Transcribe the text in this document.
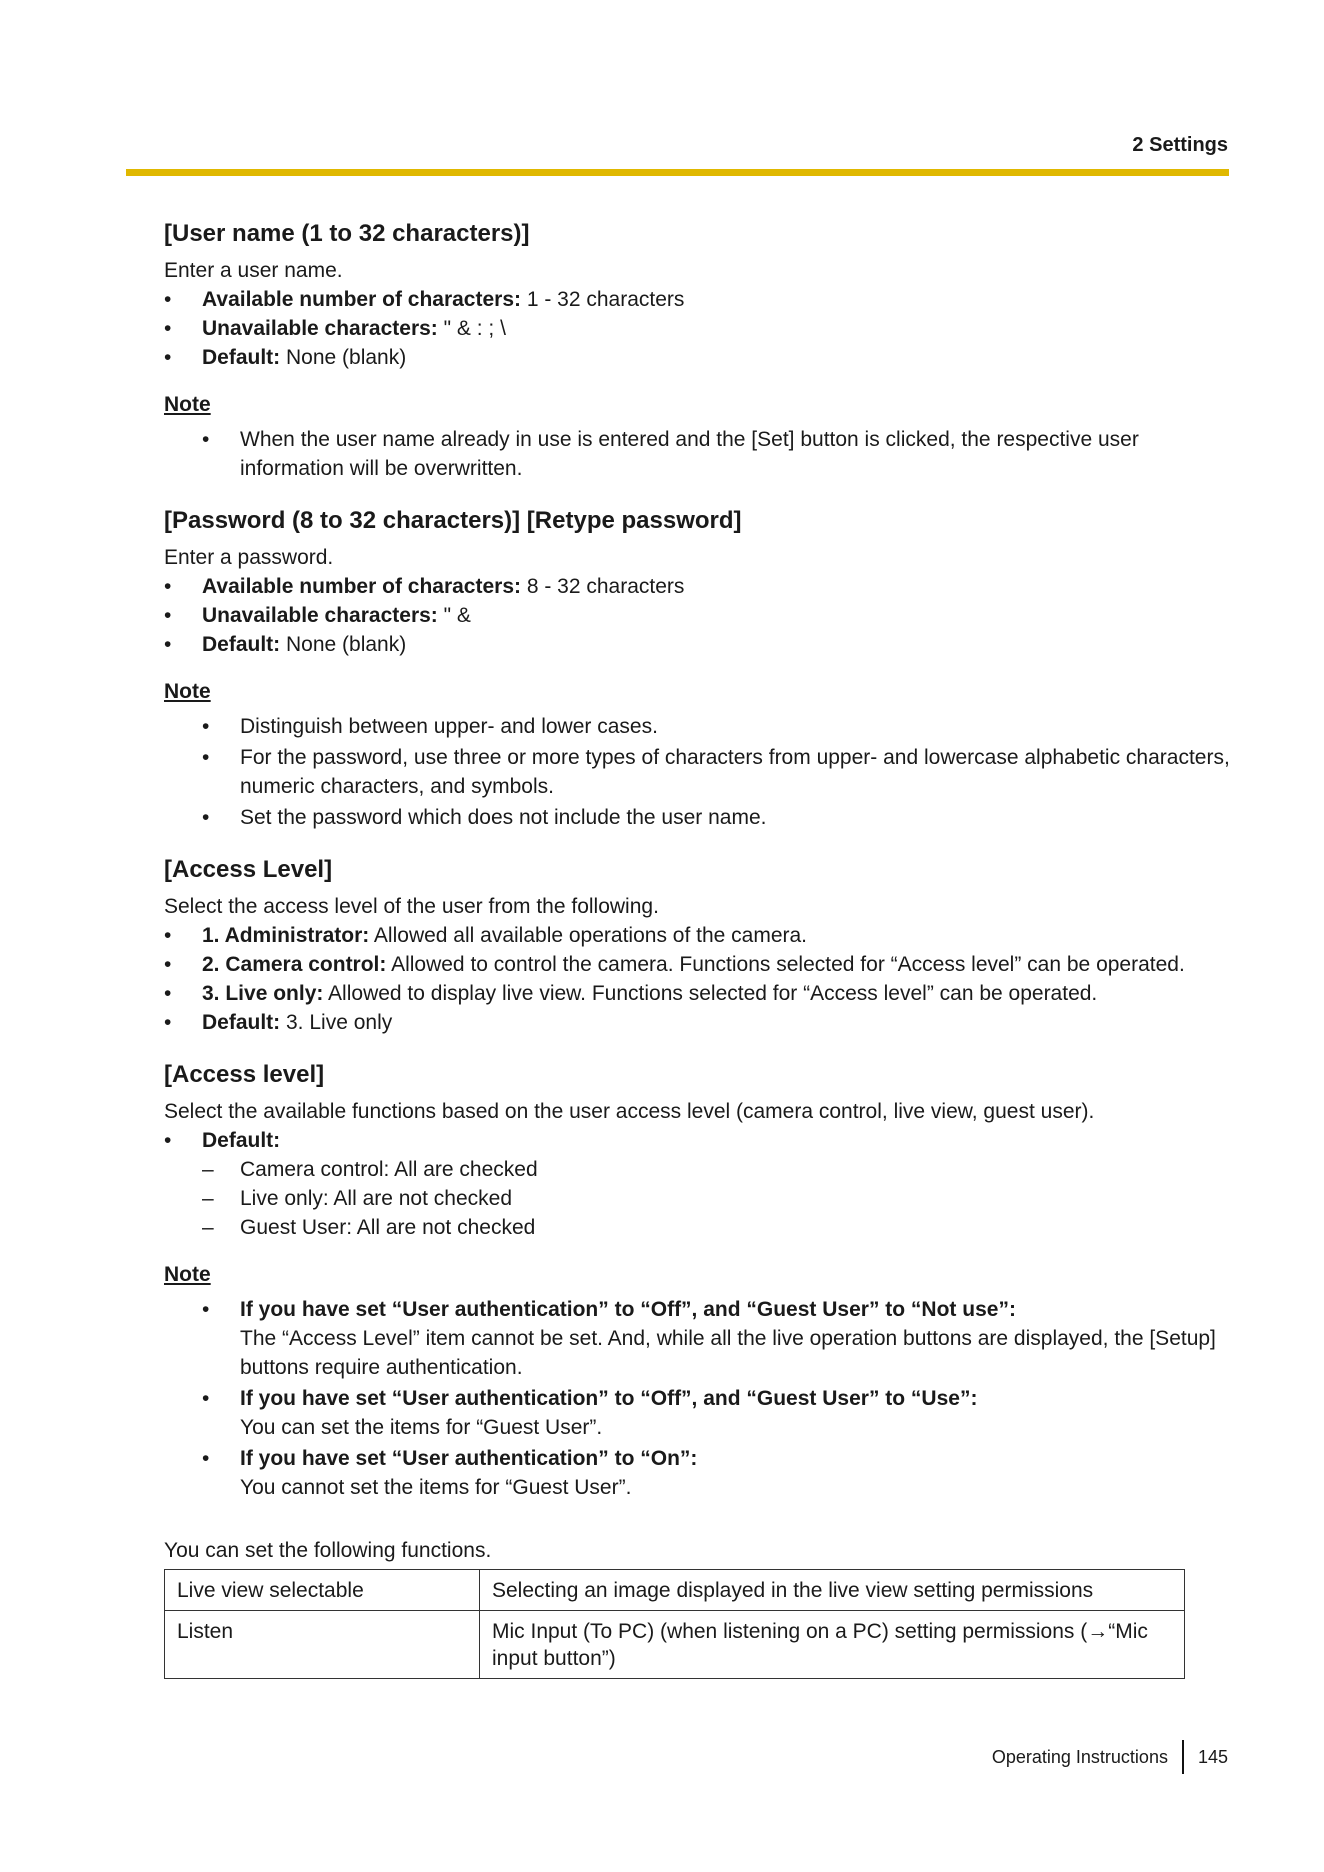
2 Settings
[User name (1 to 32 characters)]

Enter a user name.

• Available number of characters: 1 - 32 characters
• Unavailable characters: " & : ; \
• Default: None (blank)
Note
• When the user name already in use is entered and the [Set] button is clicked, the respective user information will be overwritten.
[Password (8 to 32 characters)] [Retype password]

Enter a password.

• Available number of characters: 8 - 32 characters
• Unavailable characters: " &
• Default: None (blank)
Note
• Distinguish between upper- and lower cases.
• For the password, use three or more types of characters from upper- and lowercase alphabetic characters, numeric characters, and symbols.
• Set the password which does not include the user name.
[Access Level]

Select the access level of the user from the following.

• 1. Administrator: Allowed all available operations of the camera.
• 2. Camera control: Allowed to control the camera. Functions selected for “Access level” can be operated.
• 3. Live only: Allowed to display live view. Functions selected for “Access level” can be operated.
• Default: 3. Live only
[Access level]

Select the available functions based on the user access level (camera control, live view, guest user).

• Default:
– Camera control: All are checked
– Live only: All are not checked
– Guest User: All are not checked
Note
• If you have set “User authentication” to “Off”, and “Guest User” to “Not use”:
The “Access Level” item cannot be set. And, while all the live operation buttons are displayed, the [Setup] buttons require authentication.
• If you have set “User authentication” to “Off”, and “Guest User” to “Use”:
You can set the items for “Guest User”.
• If you have set “User authentication” to “On”:
You cannot set the items for “Guest User”.

You can set the following functions.

Live view selectable	Selecting an image displayed in the live view setting permissions
Listen	Mic Input (To PC) (when listening on a PC) setting permissions (→“Mic input button”)
Operating Instructions 145
